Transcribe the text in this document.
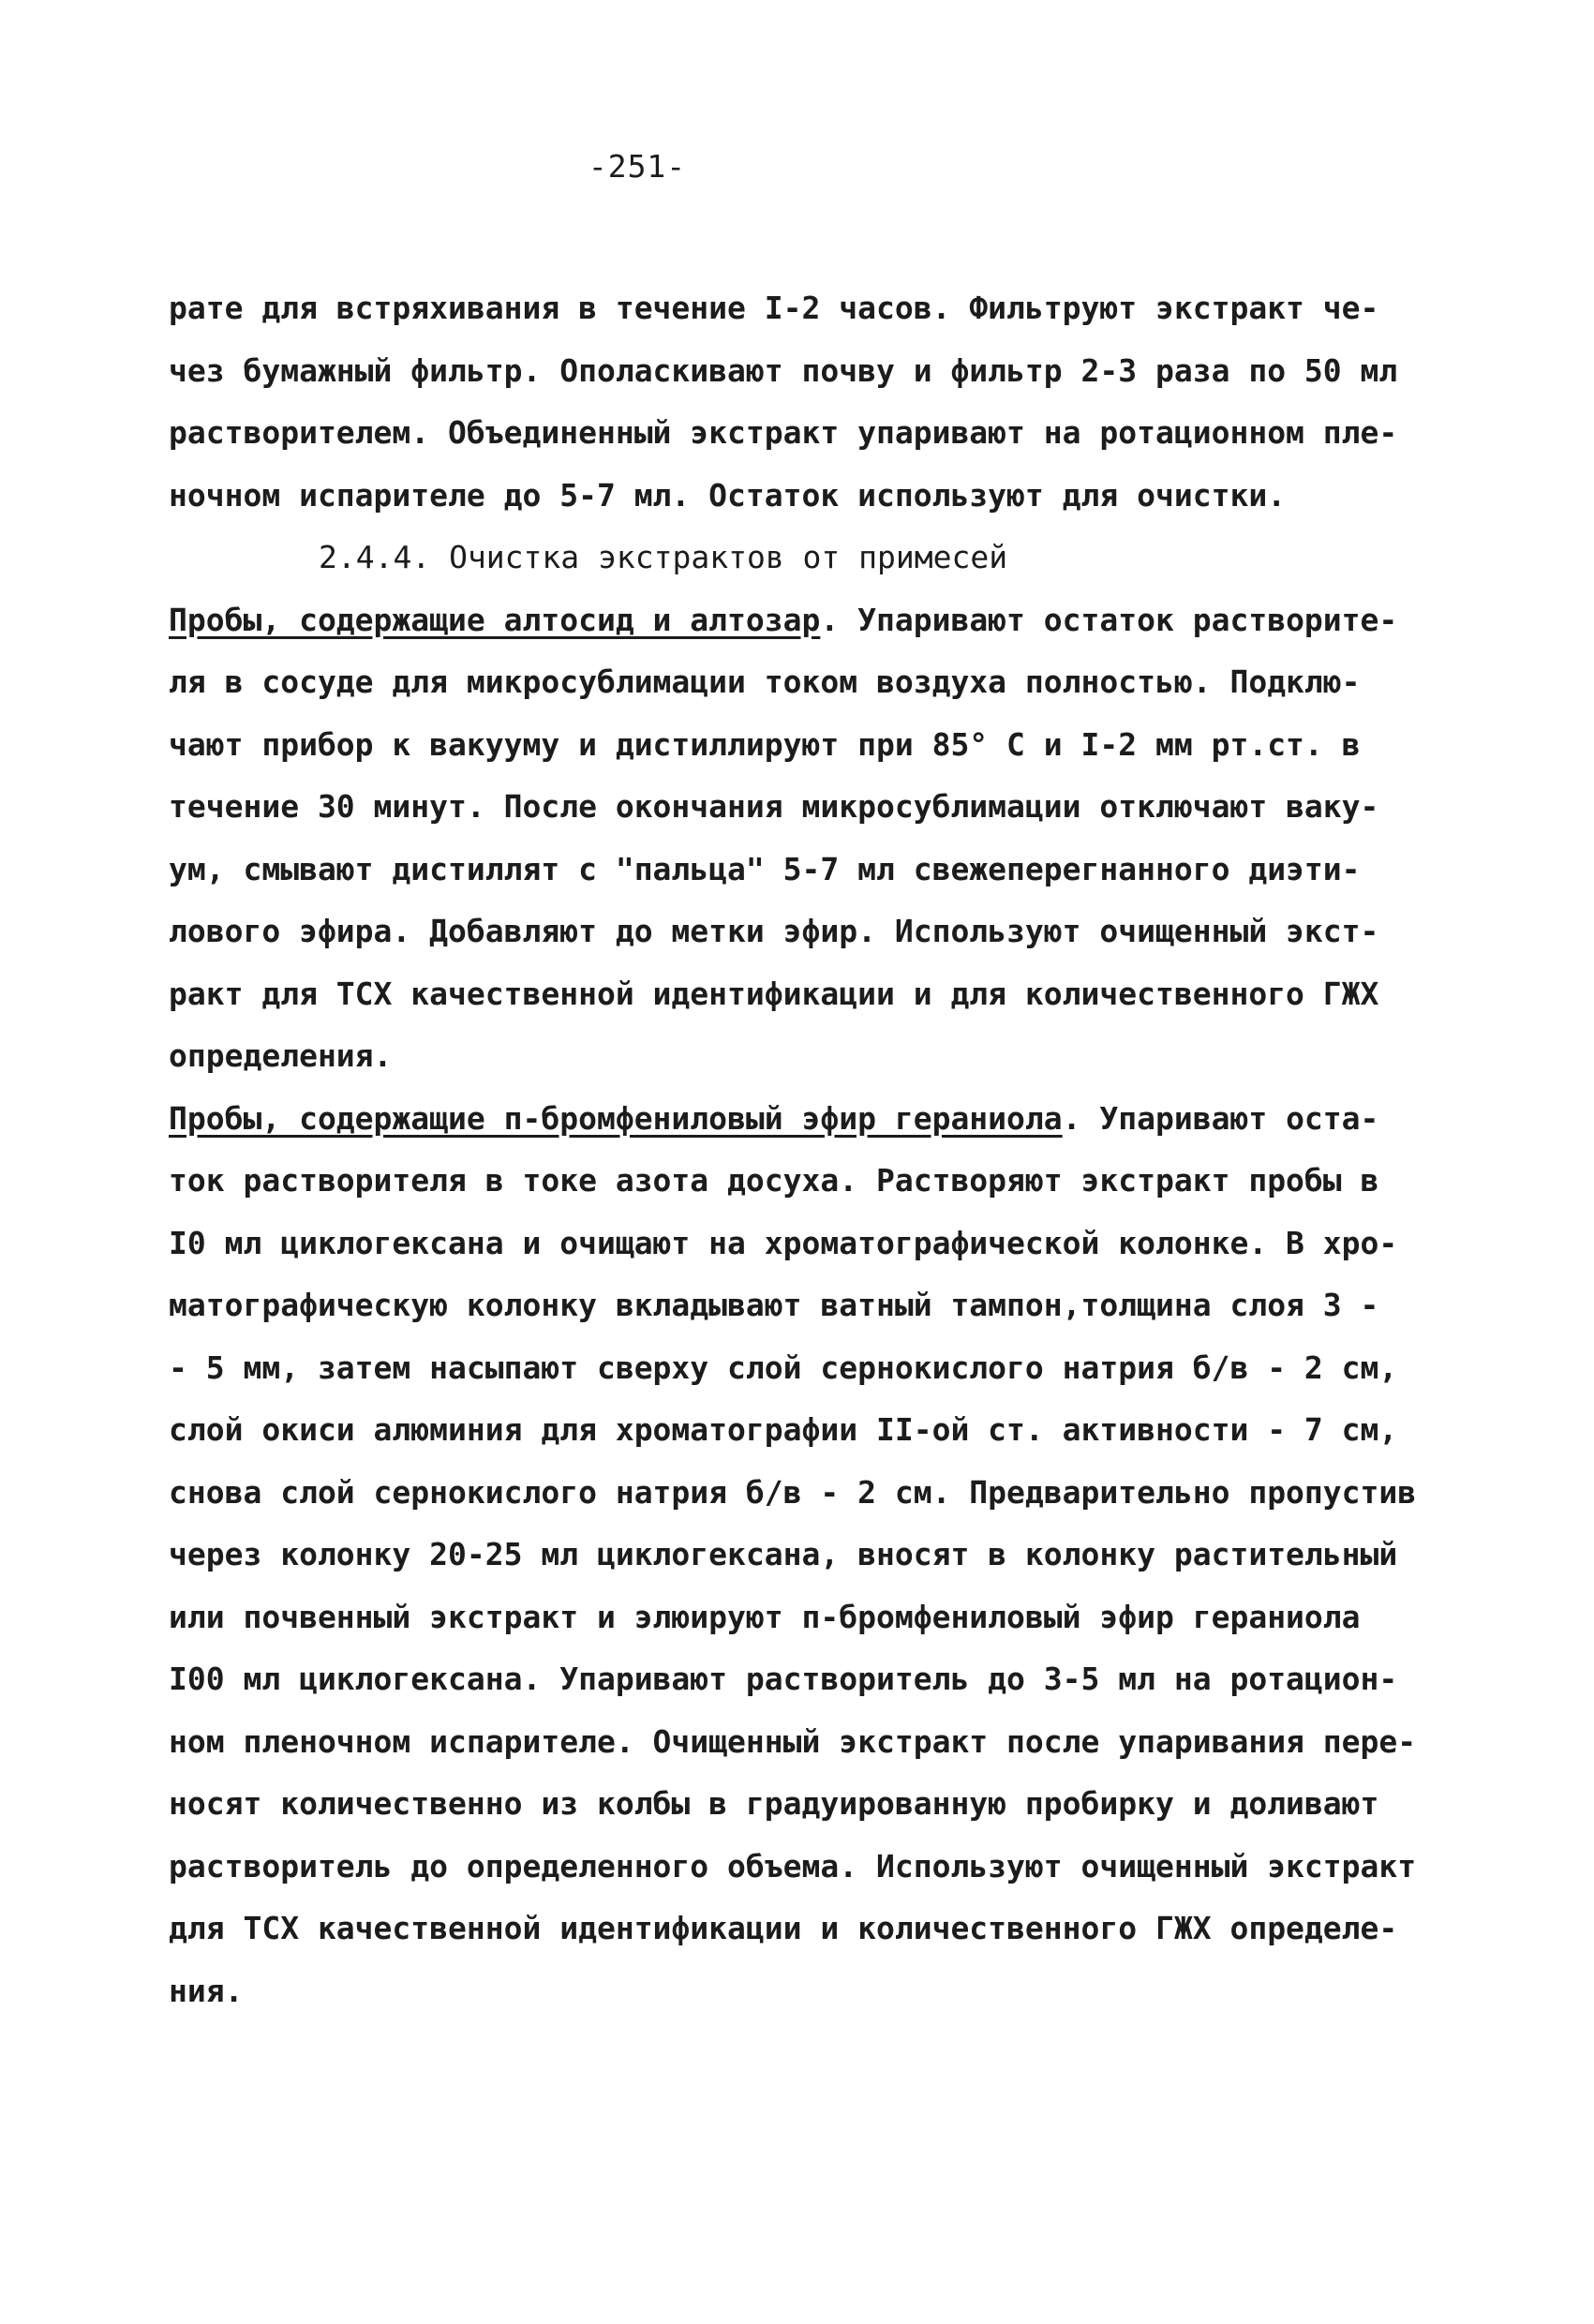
-251-
рате для встряхивания в течение I-2 часов. Фильтруют экстракт че-
чез бумажный фильтр. Ополаскивают почву и фильтр 2-3 раза по 50 мл
растворителем. Объединенный экстракт упаривают на ротационном пле-
ночном испарителе до 5-7 мл. Остаток используют для очистки.
2.4.4. Очистка экстрактов от примесей
Пробы, содержащие алтосид и алтозар. Упаривают остаток растворите-
ля в сосуде для микросублимации током воздуха полностью. Подклю-
чают прибор к вакууму и дистиллируют при 85° С и I-2 мм рт.ст. в
течение 30 минут. После окончания микросублимации отключают ваку-
ум, смывают дистиллят с "пальца" 5-7 мл свежеперегнанного диэти-
лового эфира. Добавляют до метки эфир. Используют очищенный экст-
ракт для ТСХ качественной идентификации и для количественного ГЖХ
определения.
Пробы, содержащие п-бромфениловый эфир гераниола. Упаривают оста-
ток растворителя в токе азота досуха. Растворяют экстракт пробы в
I0 мл циклогексана и очищают на хроматографической колонке. В хро-
матографическую колонку вкладывают ватный тампон,толщина слоя 3 -
- 5 мм, затем насыпают сверху слой сернокислого натрия б/в - 2 см,
слой окиси алюминия для хроматографии II-ой ст. активности - 7 см,
снова слой сернокислого натрия б/в - 2 см. Предварительно пропустив
через колонку 20-25 мл циклогексана, вносят в колонку растительный
или почвенный экстракт и элюируют п-бромфениловый эфир гераниола
I00 мл циклогексана. Упаривают растворитель до 3-5 мл на ротацион-
ном пленочном испарителе. Очищенный экстракт после упаривания пере-
носят количественно из колбы в градуированную пробирку и доливают
растворитель до определенного объема. Используют очищенный экстракт
для ТСХ качественной идентификации и количественного ГЖХ определе-
ния.
